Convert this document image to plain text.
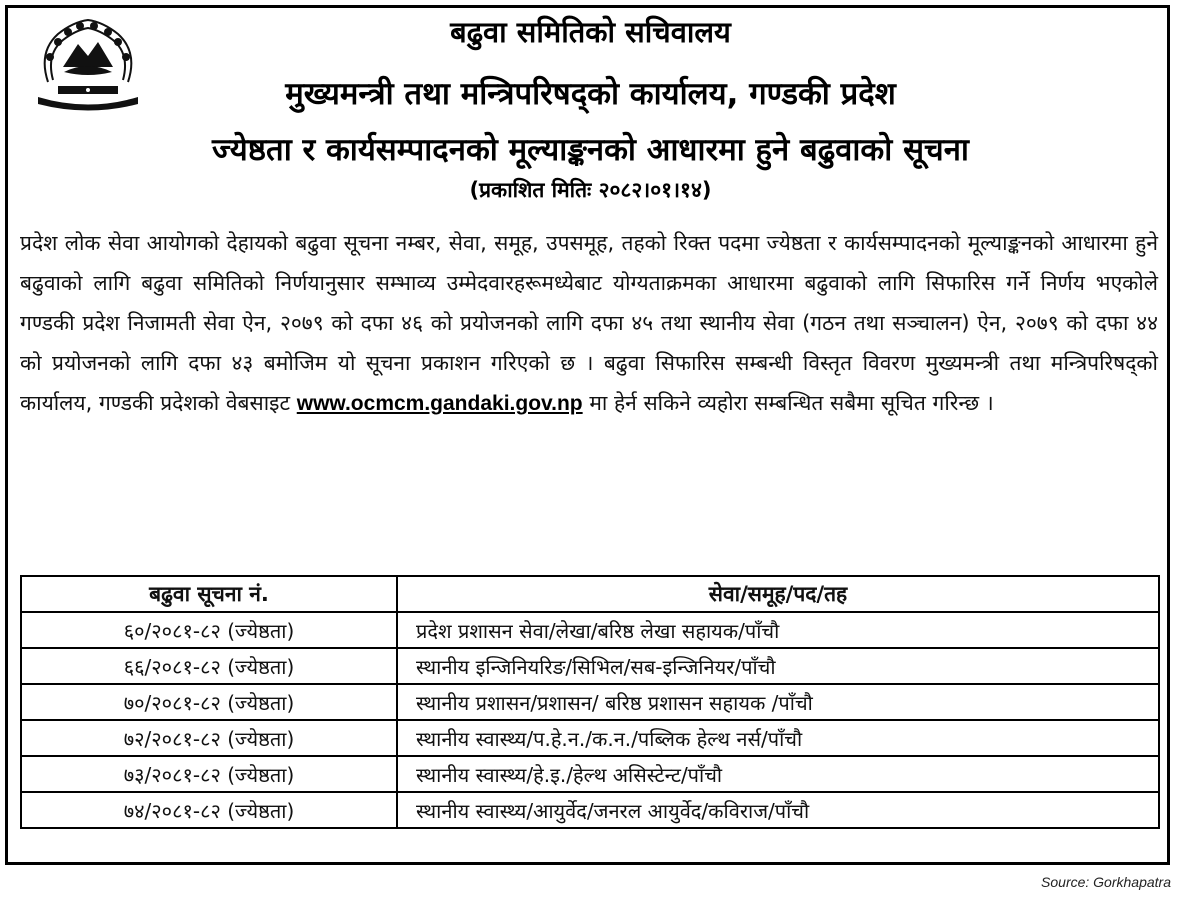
बढुवा समितिको सचिवालय
मुख्यमन्त्री तथा मन्त्रिपरिषद्को कार्यालय, गण्डकी प्रदेश
ज्येष्ठता र कार्यसम्पादनको मूल्याङ्कनको आधारमा हुने बढुवाको सूचना
(प्रकाशित मितिः २०८२।०१।१४)
प्रदेश लोक सेवा आयोगको देहायको बढुवा सूचना नम्बर, सेवा, समूह, उपसमूह, तहको रिक्त पदमा ज्येष्ठता र कार्यसम्पादनको मूल्याङ्कनको आधारमा हुने बढुवाको लागि बढुवा समितिको निर्णयानुसार सम्भाव्य उम्मेदवारहरूमध्येबाट योग्यताक्रमका आधारमा बढुवाको लागि सिफारिस गर्ने निर्णय भएकोले गण्डकी प्रदेश निजामती सेवा ऐन, २०७९ को दफा ४६ को प्रयोजनको लागि दफा ४५ तथा स्थानीय सेवा (गठन तथा सञ्चालन) ऐन, २०७९ को दफा ४४ को प्रयोजनको लागि दफा ४३ बमोजिम यो सूचना प्रकाशन गरिएको छ । बढुवा सिफारिस सम्बन्धी विस्तृत विवरण मुख्यमन्त्री तथा मन्त्रिपरिषद्को कार्यालय, गण्डकी प्रदेशको वेबसाइट www.ocmcm.gandaki.gov.np मा हेर्न सकिने व्यहोरा सम्बन्धित सबैमा सूचित गरिन्छ ।
बढुवा सूचना नं.	सेवा/समूह/पद/तह
६०/२०८१-८२ (ज्येष्ठता)	प्रदेश प्रशासन सेवा/लेखा/बरिष्ठ लेखा सहायक/पाँचौ
६६/२०८१-८२ (ज्येष्ठता)	स्थानीय इन्जिनियरिङ/सिभिल/सब-इन्जिनियर/पाँचौ
७०/२०८१-८२ (ज्येष्ठता)	स्थानीय प्रशासन/प्रशासन/ बरिष्ठ प्रशासन सहायक /पाँचौ
७२/२०८१-८२ (ज्येष्ठता)	स्थानीय स्वास्थ्य/प.हे.न./क.न./पब्लिक हेल्थ नर्स/पाँचौ
७३/२०८१-८२ (ज्येष्ठता)	स्थानीय स्वास्थ्य/हे.इ./हेल्थ असिस्टेन्ट/पाँचौ
७४/२०८१-८२ (ज्येष्ठता)	स्थानीय स्वास्थ्य/आयुर्वेद/जनरल आयुर्वेद/कविराज/पाँचौ
Source: Gorkhapatra
